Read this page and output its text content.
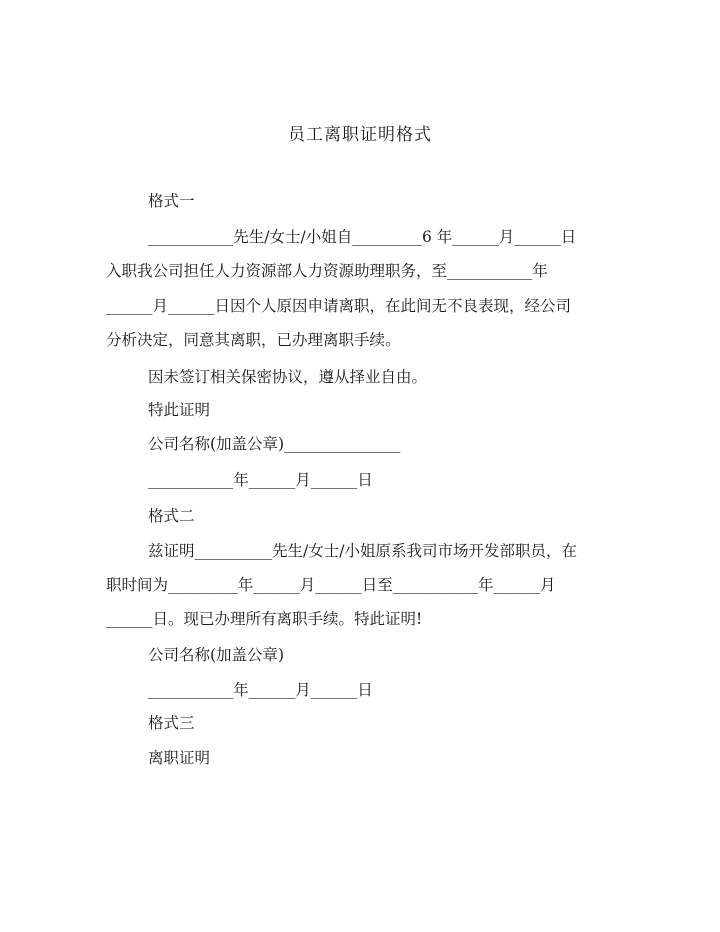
员工离职证明格式
格式一
___________先生/女士/小姐自_________6 年______月______日
入职我公司担任人力资源部人力资源助理职务，至___________年
______月______日因个人原因申请离职，在此间无不良表现，经公司
分析决定，同意其离职，已办理离职手续。
因未签订相关保密协议，遵从择业自由。
特此证明
公司名称(加盖公章)_______________
___________年______月______日
格式二
兹证明__________先生/女士/小姐原系我司市场开发部职员，在
职时间为_________年______月______日至___________年______月
______日。现已办理所有离职手续。特此证明!
公司名称(加盖公章)
___________年______月______日
格式三
离职证明
